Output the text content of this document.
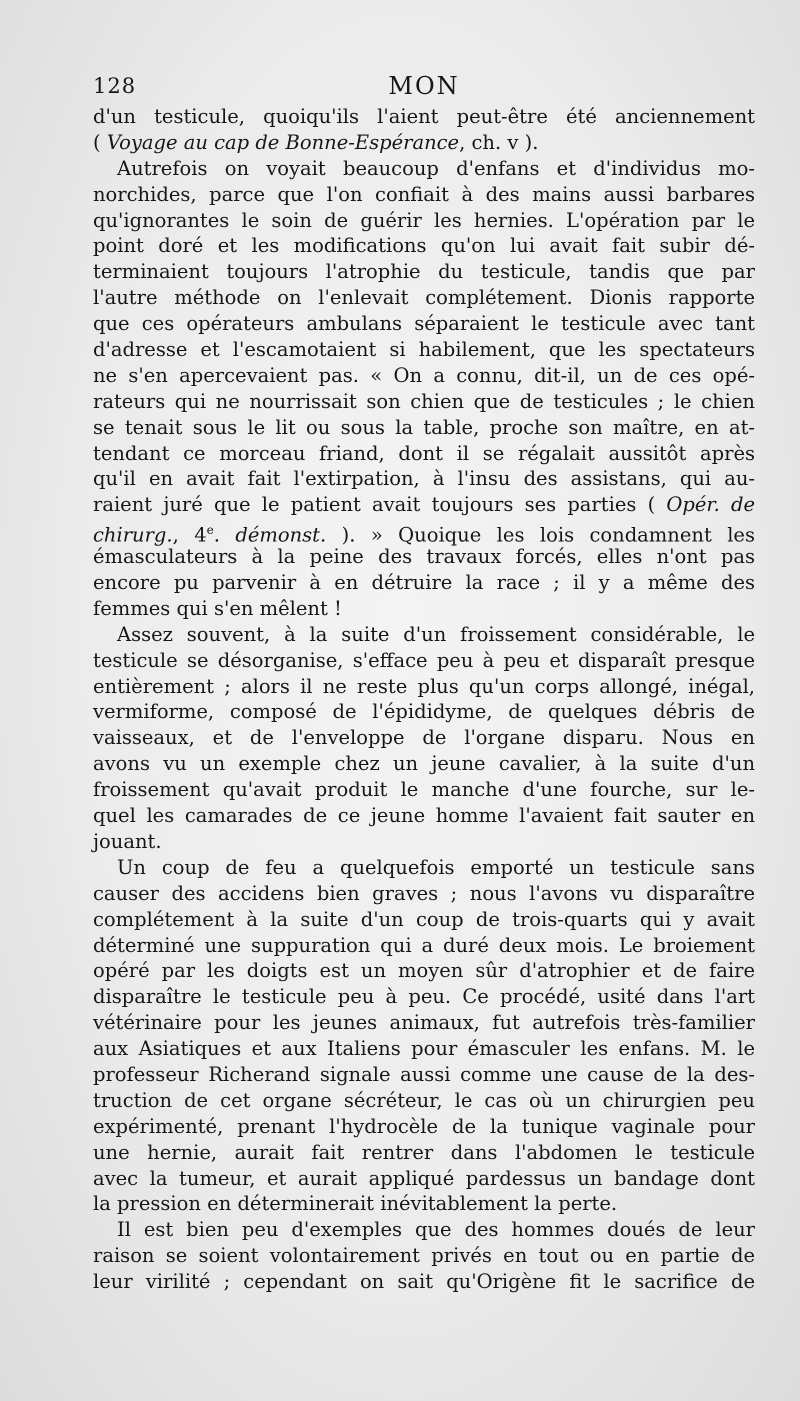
128	MON
d'un testicule, quoiqu'ils l'aient peut-être été anciennement
( Voyage au cap de Bonne-Espérance, ch. v ).
Autrefois on voyait beaucoup d'enfans et d'individus mo-
norchides, parce que l'on confiait à des mains aussi barbares
qu'ignorantes le soin de guérir les hernies. L'opération par le
point doré et les modifications qu'on lui avait fait subir dé-
terminaient toujours l'atrophie du testicule, tandis que par
l'autre méthode on l'enlevait complétement. Dionis rapporte
que ces opérateurs ambulans séparaient le testicule avec tant
d'adresse et l'escamotaient si habilement, que les spectateurs
ne s'en apercevaient pas. « On a connu, dit-il, un de ces opé-
rateurs qui ne nourrissait son chien que de testicules ; le chien
se tenait sous le lit ou sous la table, proche son maître, en at-
tendant ce morceau friand, dont il se régalait aussitôt après
qu'il en avait fait l'extirpation, à l'insu des assistans, qui au-
raient juré que le patient avait toujours ses parties ( Opér. de
chirurg., 4e. démonst. ). » Quoique les lois condamnent les
émasculateurs à la peine des travaux forcés, elles n'ont pas
encore pu parvenir à en détruire la race ; il y a même des
femmes qui s'en mêlent !
Assez souvent, à la suite d'un froissement considérable, le
testicule se désorganise, s'efface peu à peu et disparaît presque
entièrement ; alors il ne reste plus qu'un corps allongé, inégal,
vermiforme, composé de l'épididyme, de quelques débris de
vaisseaux, et de l'enveloppe de l'organe disparu. Nous en
avons vu un exemple chez un jeune cavalier, à la suite d'un
froissement qu'avait produit le manche d'une fourche, sur le-
quel les camarades de ce jeune homme l'avaient fait sauter en
jouant.
Un coup de feu a quelquefois emporté un testicule sans
causer des accidens bien graves ; nous l'avons vu disparaître
complétement à la suite d'un coup de trois-quarts qui y avait
déterminé une suppuration qui a duré deux mois. Le broiement
opéré par les doigts est un moyen sûr d'atrophier et de faire
disparaître le testicule peu à peu. Ce procédé, usité dans l'art
vétérinaire pour les jeunes animaux, fut autrefois très-familier
aux Asiatiques et aux Italiens pour émasculer les enfans. M. le
professeur Richerand signale aussi comme une cause de la des-
truction de cet organe sécréteur, le cas où un chirurgien peu
expérimenté, prenant l'hydrocèle de la tunique vaginale pour
une hernie, aurait fait rentrer dans l'abdomen le testicule
avec la tumeur, et aurait appliqué pardessus un bandage dont
la pression en déterminerait inévitablement la perte.
Il est bien peu d'exemples que des hommes doués de leur
raison se soient volontairement privés en tout ou en partie de
leur virilité ; cependant on sait qu'Origène fit le sacrifice de
